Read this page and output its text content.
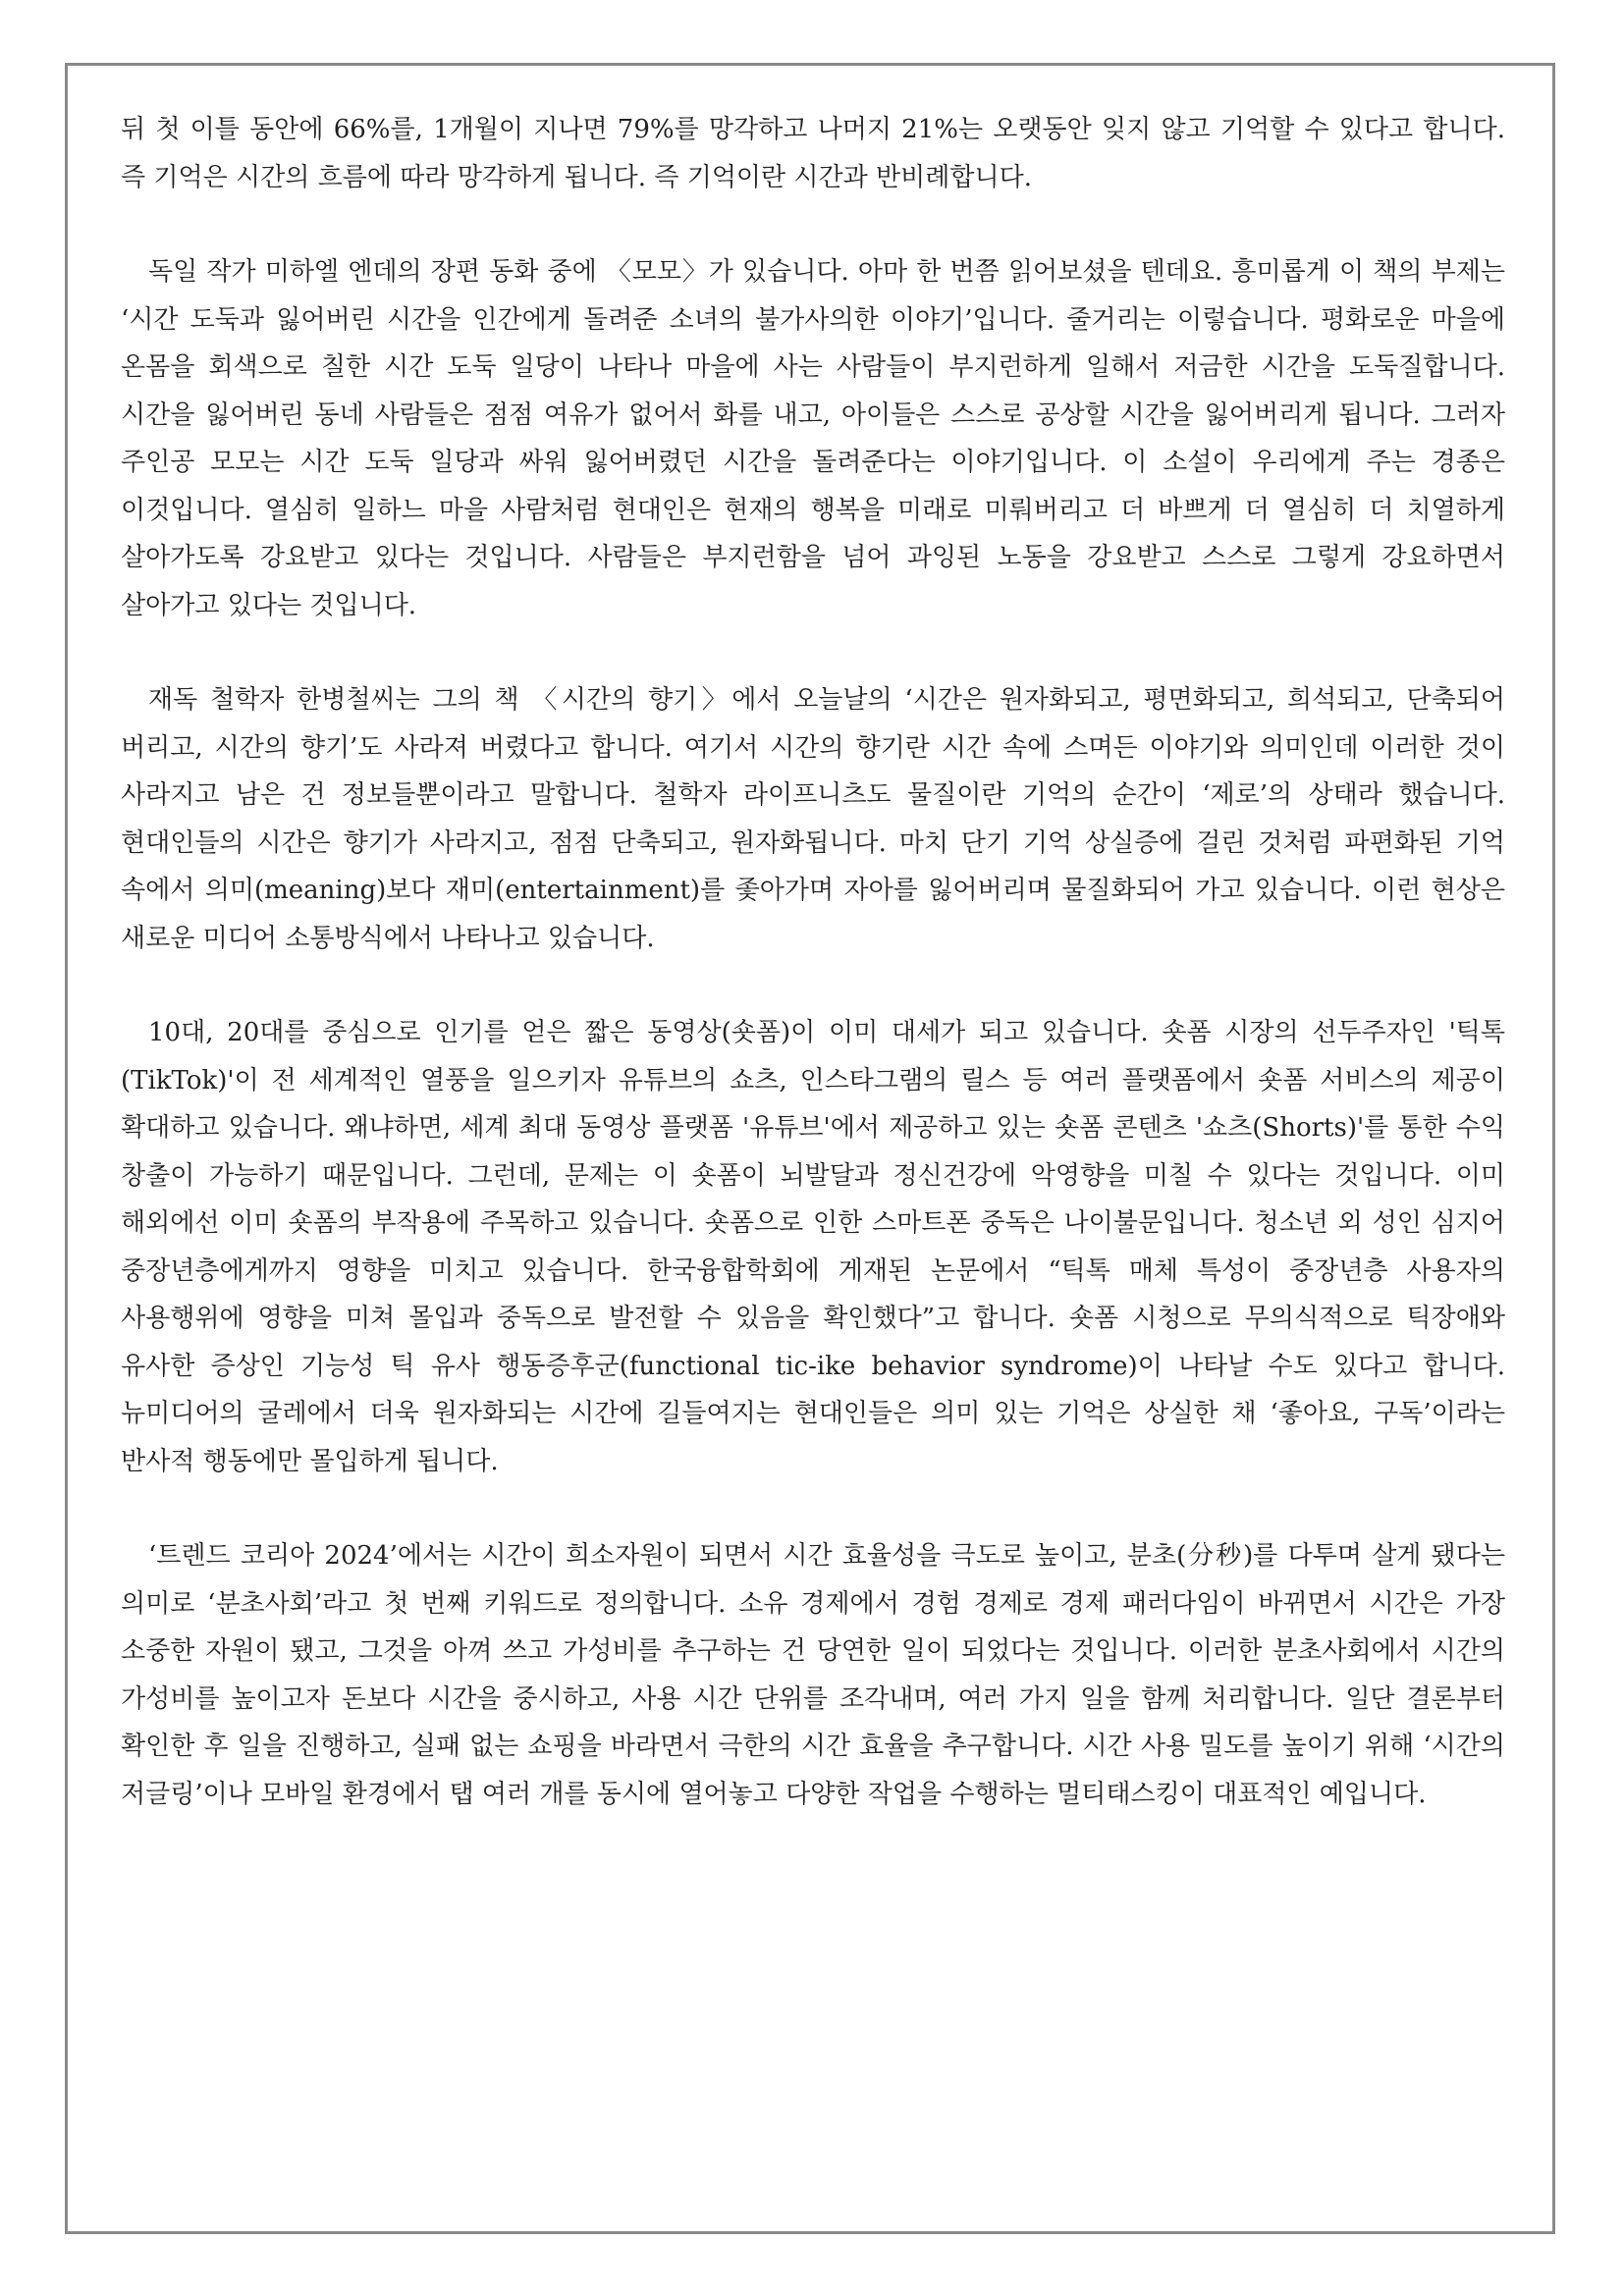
뒤 첫 이틀 동안에 66%를, 1개월이 지나면 79%를 망각하고 나머지 21%는 오랫동안 잊지 않고 기억할 수 있다고 합니다. 즉 기억은 시간의 흐름에 따라 망각하게 됩니다. 즉 기억이란 시간과 반비례합니다.

독일 작가 미하엘 엔데의 장편 동화 중에 〈모모〉가 있습니다. 아마 한 번쯤 읽어보셨을 텐데요. 흥미롭게 이 책의 부제는 ‘시간 도둑과 잃어버린 시간을 인간에게 돌려준 소녀의 불가사의한 이야기’입니다. 줄거리는 이렇습니다. 평화로운 마을에 온몸을 회색으로 칠한 시간 도둑 일당이 나타나 마을에 사는 사람들이 부지런하게 일해서 저금한 시간을 도둑질합니다. 시간을 잃어버린 동네 사람들은 점점 여유가 없어서 화를 내고, 아이들은 스스로 공상할 시간을 잃어버리게 됩니다. 그러자 주인공 모모는 시간 도둑 일당과 싸워 잃어버렸던 시간을 돌려준다는 이야기입니다. 이 소설이 우리에게 주는 경종은 이것입니다. 열심히 일하느 마을 사람처럼 현대인은 현재의 행복을 미래로 미뤄버리고 더 바쁘게 더 열심히 더 치열하게 살아가도록 강요받고 있다는 것입니다. 사람들은 부지런함을 넘어 과잉된 노동을 강요받고 스스로 그렇게 강요하면서 살아가고 있다는 것입니다.

재독 철학자 한병철씨는 그의 책 〈시간의 향기〉에서 오늘날의 ‘시간은 원자화되고, 평면화되고, 희석되고, 단축되어 버리고, 시간의 향기’도 사라져 버렸다고 합니다. 여기서 시간의 향기란 시간 속에 스며든 이야기와 의미인데 이러한 것이 사라지고 남은 건 정보들뿐이라고 말합니다. 철학자 라이프니츠도 물질이란 기억의 순간이 ‘제로’의 상태라 했습니다. 현대인들의 시간은 향기가 사라지고, 점점 단축되고, 원자화됩니다. 마치 단기 기억 상실증에 걸린 것처럼 파편화된 기억 속에서 의미(meaning)보다 재미(entertainment)를 좇아가며 자아를 잃어버리며 물질화되어 가고 있습니다. 이런 현상은 새로운 미디어 소통방식에서 나타나고 있습니다.

10대, 20대를 중심으로 인기를 얻은 짧은 동영상(숏폼)이 이미 대세가 되고 있습니다. 숏폼 시장의 선두주자인 '틱톡(TikTok)'이 전 세계적인 열풍을 일으키자 유튜브의 쇼츠, 인스타그램의 릴스 등 여러 플랫폼에서 숏폼 서비스의 제공이 확대하고 있습니다. 왜냐하면, 세계 최대 동영상 플랫폼 '유튜브'에서 제공하고 있는 숏폼 콘텐츠 '쇼츠(Shorts)'를 통한 수익 창출이 가능하기 때문입니다. 그런데, 문제는 이 숏폼이 뇌발달과 정신건강에 악영향을 미칠 수 있다는 것입니다. 이미 해외에선 이미 숏폼의 부작용에 주목하고 있습니다. 숏폼으로 인한 스마트폰 중독은 나이불문입니다. 청소년 외 성인 심지어 중장년층에게까지 영향을 미치고 있습니다. 한국융합학회에 게재된 논문에서 “틱톡 매체 특성이 중장년층 사용자의 사용행위에 영향을 미쳐 몰입과 중독으로 발전할 수 있음을 확인했다”고 합니다. 숏폼 시청으로 무의식적으로 틱장애와 유사한 증상인 기능성 틱 유사 행동증후군(functional tic-ike behavior syndrome)이 나타날 수도 있다고 합니다. 뉴미디어의 굴레에서 더욱 원자화되는 시간에 길들여지는 현대인들은 의미 있는 기억은 상실한 채 ‘좋아요, 구독’이라는 반사적 행동에만 몰입하게 됩니다.

‘트렌드 코리아 2024’에서는 시간이 희소자원이 되면서 시간 효율성을 극도로 높이고, 분초(分秒)를 다투며 살게 됐다는 의미로 ‘분초사회’라고 첫 번째 키워드로 정의합니다. 소유 경제에서 경험 경제로 경제 패러다임이 바뀌면서 시간은 가장 소중한 자원이 됐고, 그것을 아껴 쓰고 가성비를 추구하는 건 당연한 일이 되었다는 것입니다. 이러한 분초사회에서 시간의 가성비를 높이고자 돈보다 시간을 중시하고, 사용 시간 단위를 조각내며, 여러 가지 일을 함께 처리합니다. 일단 결론부터 확인한 후 일을 진행하고, 실패 없는 쇼핑을 바라면서 극한의 시간 효율을 추구합니다. 시간 사용 밀도를 높이기 위해 ‘시간의 저글링’이나 모바일 환경에서 탭 여러 개를 동시에 열어놓고 다양한 작업을 수행하는 멀티태스킹이 대표적인 예입니다.
